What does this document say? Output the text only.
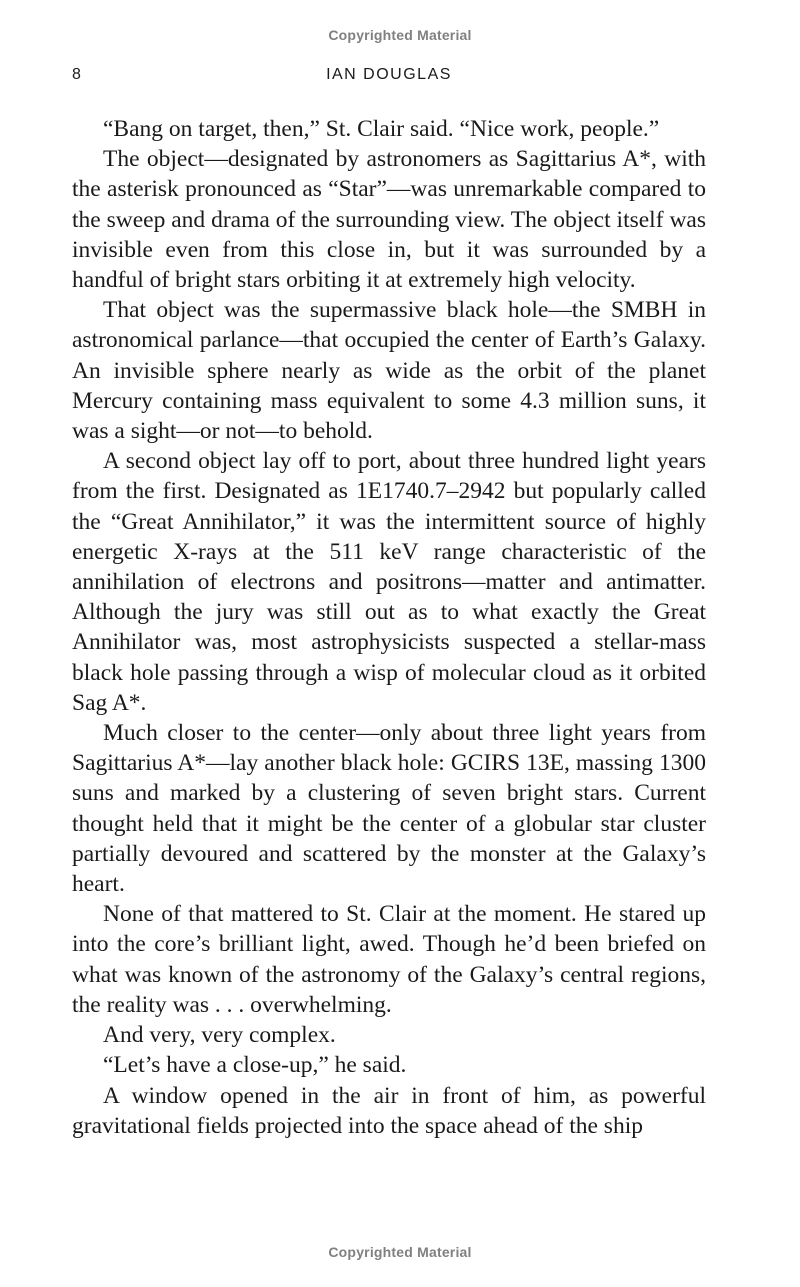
Copyrighted Material
8	IAN DOUGLAS

“Bang on target, then,” St. Clair said. “Nice work, people.”

The object—designated by astronomers as Sagittarius A*, with the asterisk pronounced as “Star”—was unremarkable compared to the sweep and drama of the surrounding view. The object itself was invisible even from this close in, but it was surrounded by a handful of bright stars orbiting it at extremely high velocity.

That object was the supermassive black hole—the SMBH in astronomical parlance—that occupied the center of Earth’s Galaxy. An invisible sphere nearly as wide as the orbit of the planet Mercury containing mass equivalent to some 4.3 million suns, it was a sight—or not—to behold.

A second object lay off to port, about three hundred light years from the first. Designated as 1E1740.7–2942 but popularly called the “Great Annihilator,” it was the intermittent source of highly energetic X-rays at the 511 keV range characteristic of the annihilation of electrons and positrons—matter and antimatter. Although the jury was still out as to what exactly the Great Annihilator was, most astrophysicists suspected a stellar-mass black hole passing through a wisp of molecular cloud as it orbited Sag A*.

Much closer to the center—only about three light years from Sagittarius A*—lay another black hole: GCIRS 13E, massing 1300 suns and marked by a clustering of seven bright stars. Current thought held that it might be the center of a globular star cluster partially devoured and scattered by the monster at the Galaxy’s heart.

None of that mattered to St. Clair at the moment. He stared up into the core’s brilliant light, awed. Though he’d been briefed on what was known of the astronomy of the Galaxy’s central regions, the reality was . . . overwhelming.

And very, very complex.

“Let’s have a close-up,” he said.

A window opened in the air in front of him, as powerful gravitational fields projected into the space ahead of the ship

Copyrighted Material
